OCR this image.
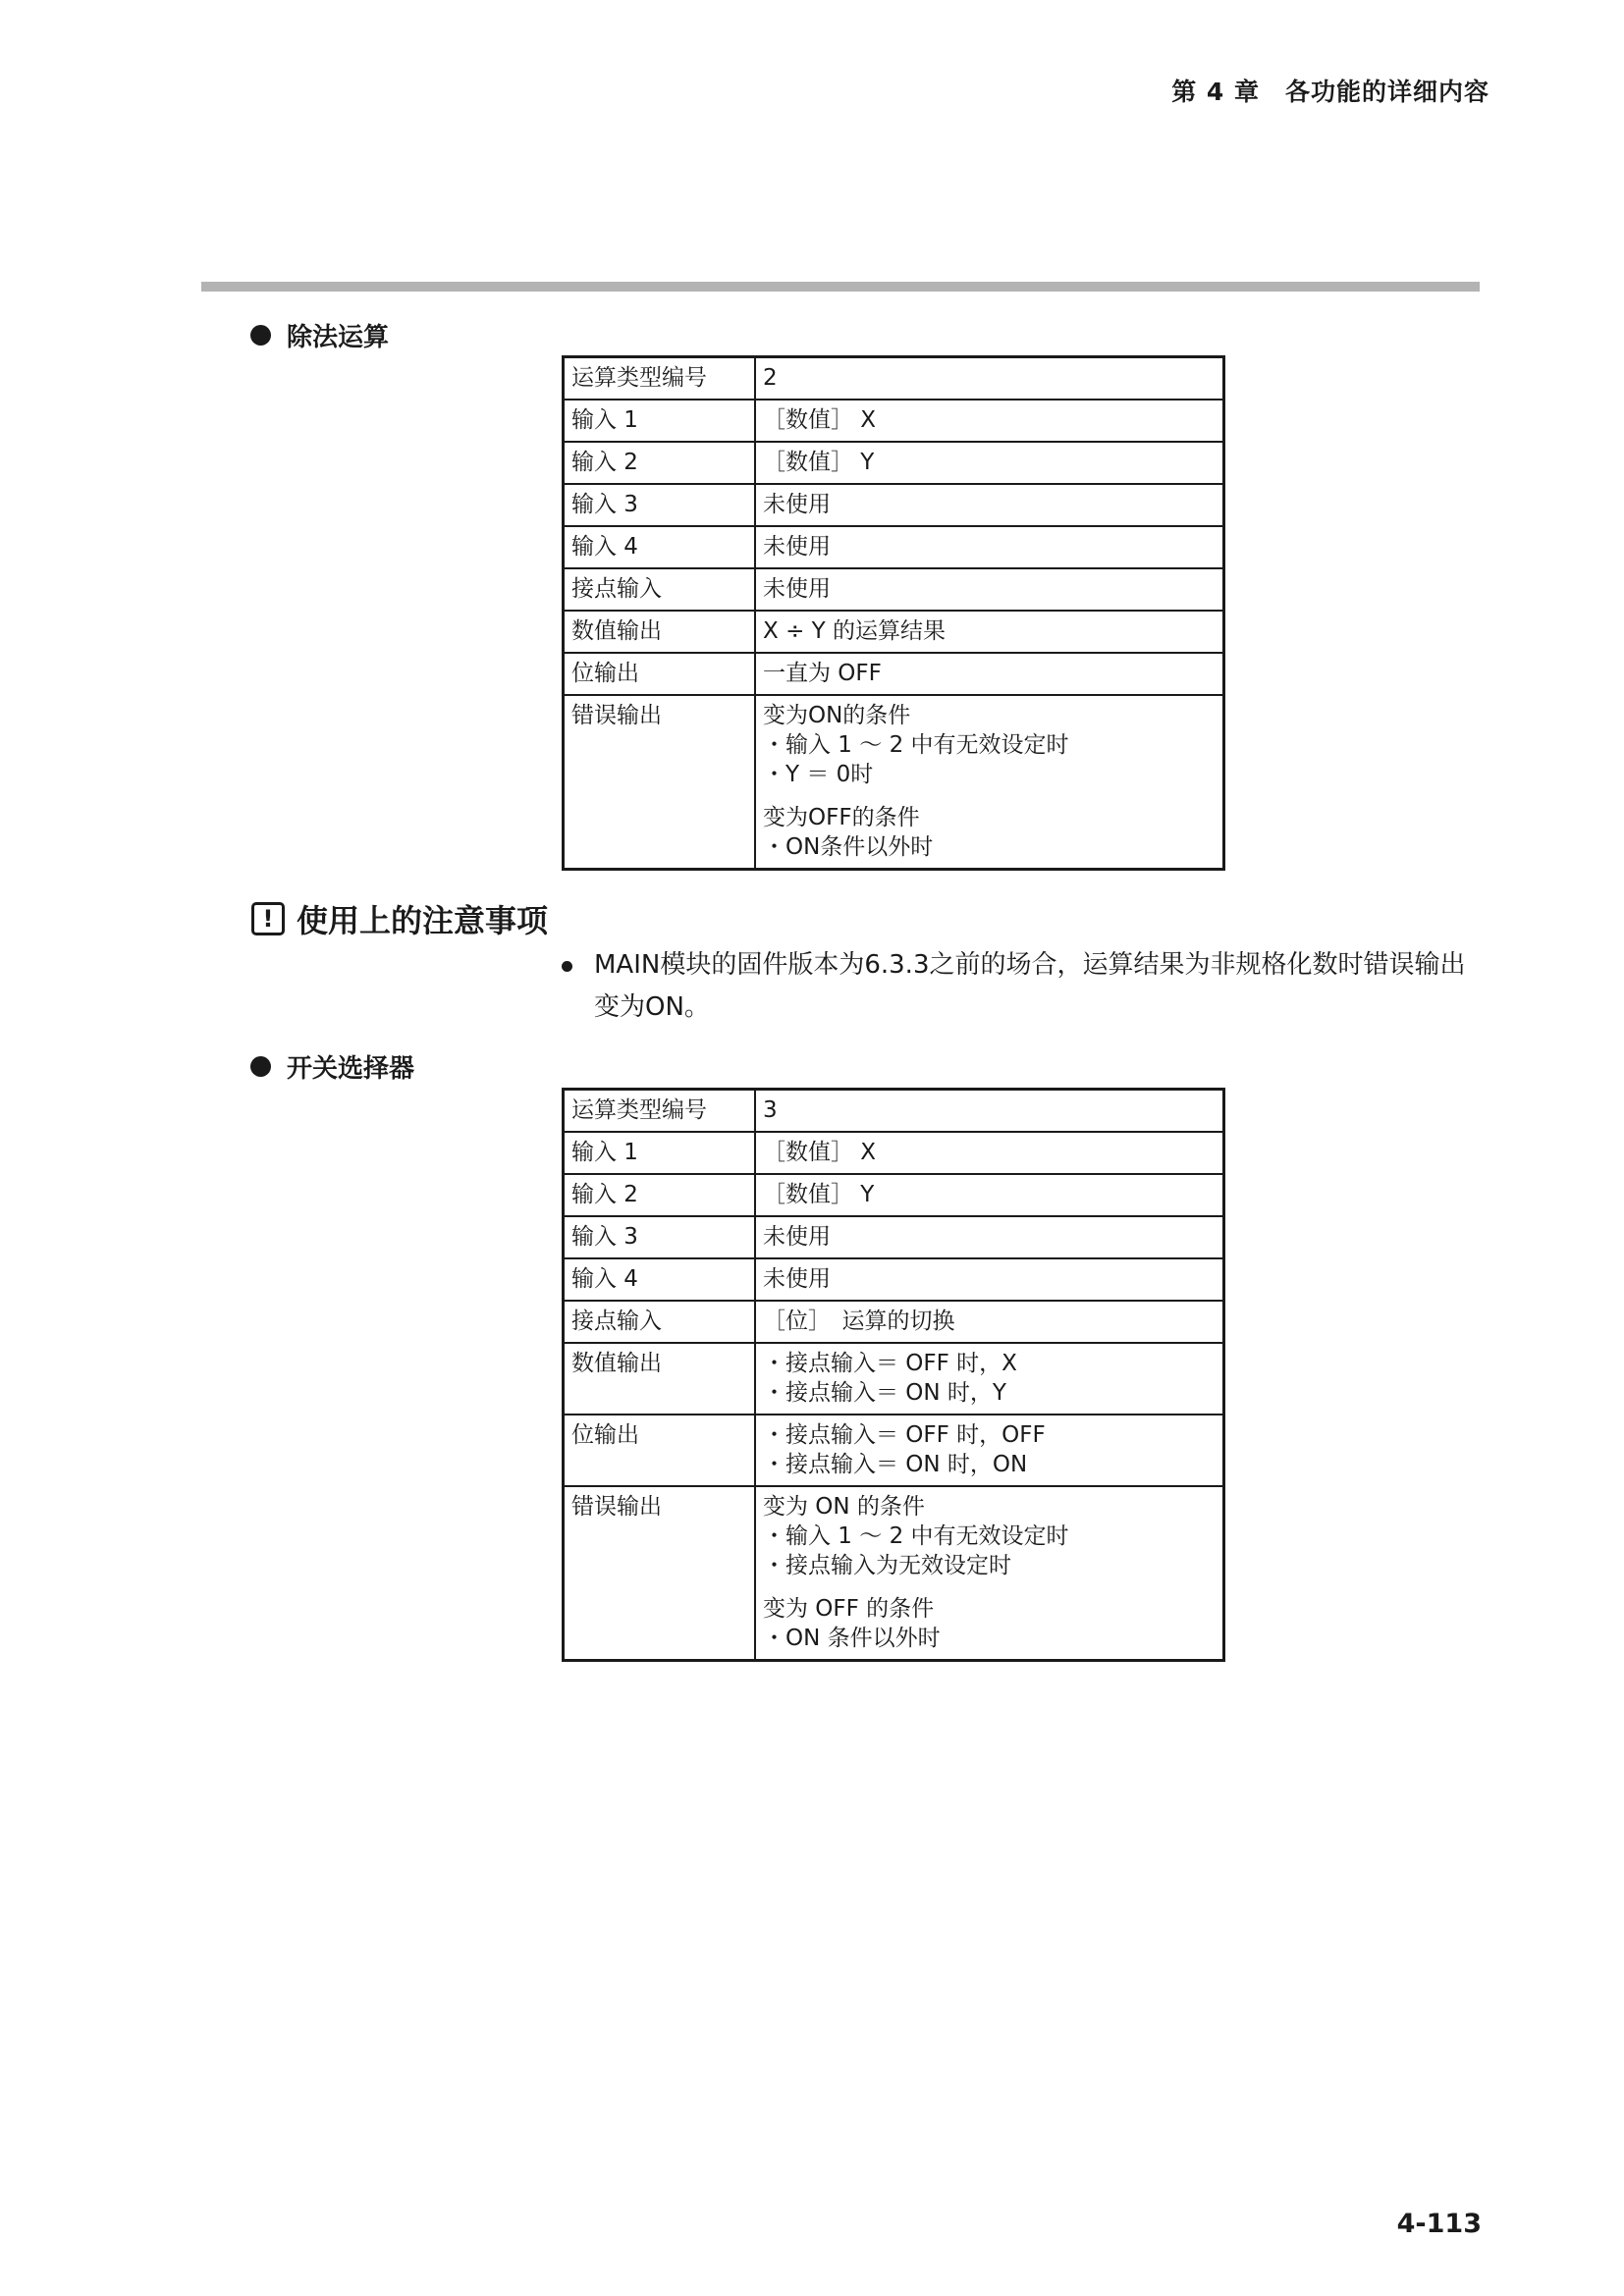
第 4 章　各功能的详细内容
除法运算
运算类型编号	2
输入 1	［数值］ X
输入 2	［数值］ Y
输入 3	未使用
输入 4	未使用
接点输入	未使用
数值输出	X ÷ Y 的运算结果
位输出	一直为 OFF
错误输出	变为ON的条件
・输入 1 ～ 2 中有无效设定时
・Y ＝ 0时
变为OFF的条件
・ON条件以外时
! 使用上的注意事项
MAIN模块的固件版本为6.3.3之前的场合，运算结果为非规格化数时错误输出变为ON。
开关选择器
运算类型编号	3
输入 1	［数值］ X
输入 2	［数值］ Y
输入 3	未使用
输入 4	未使用
接点输入	［位］　运算的切换
数值输出	・接点输入＝ OFF 时，X
・接点输入＝ ON 时，Y

位输出	・接点输入＝ OFF 时，OFF
・接点输入＝ ON 时，ON

错误输出	变为 ON 的条件
・输入 1 ～ 2 中有无效设定时
・接点输入为无效设定时
变为 OFF 的条件
・ON 条件以外时
4-113
